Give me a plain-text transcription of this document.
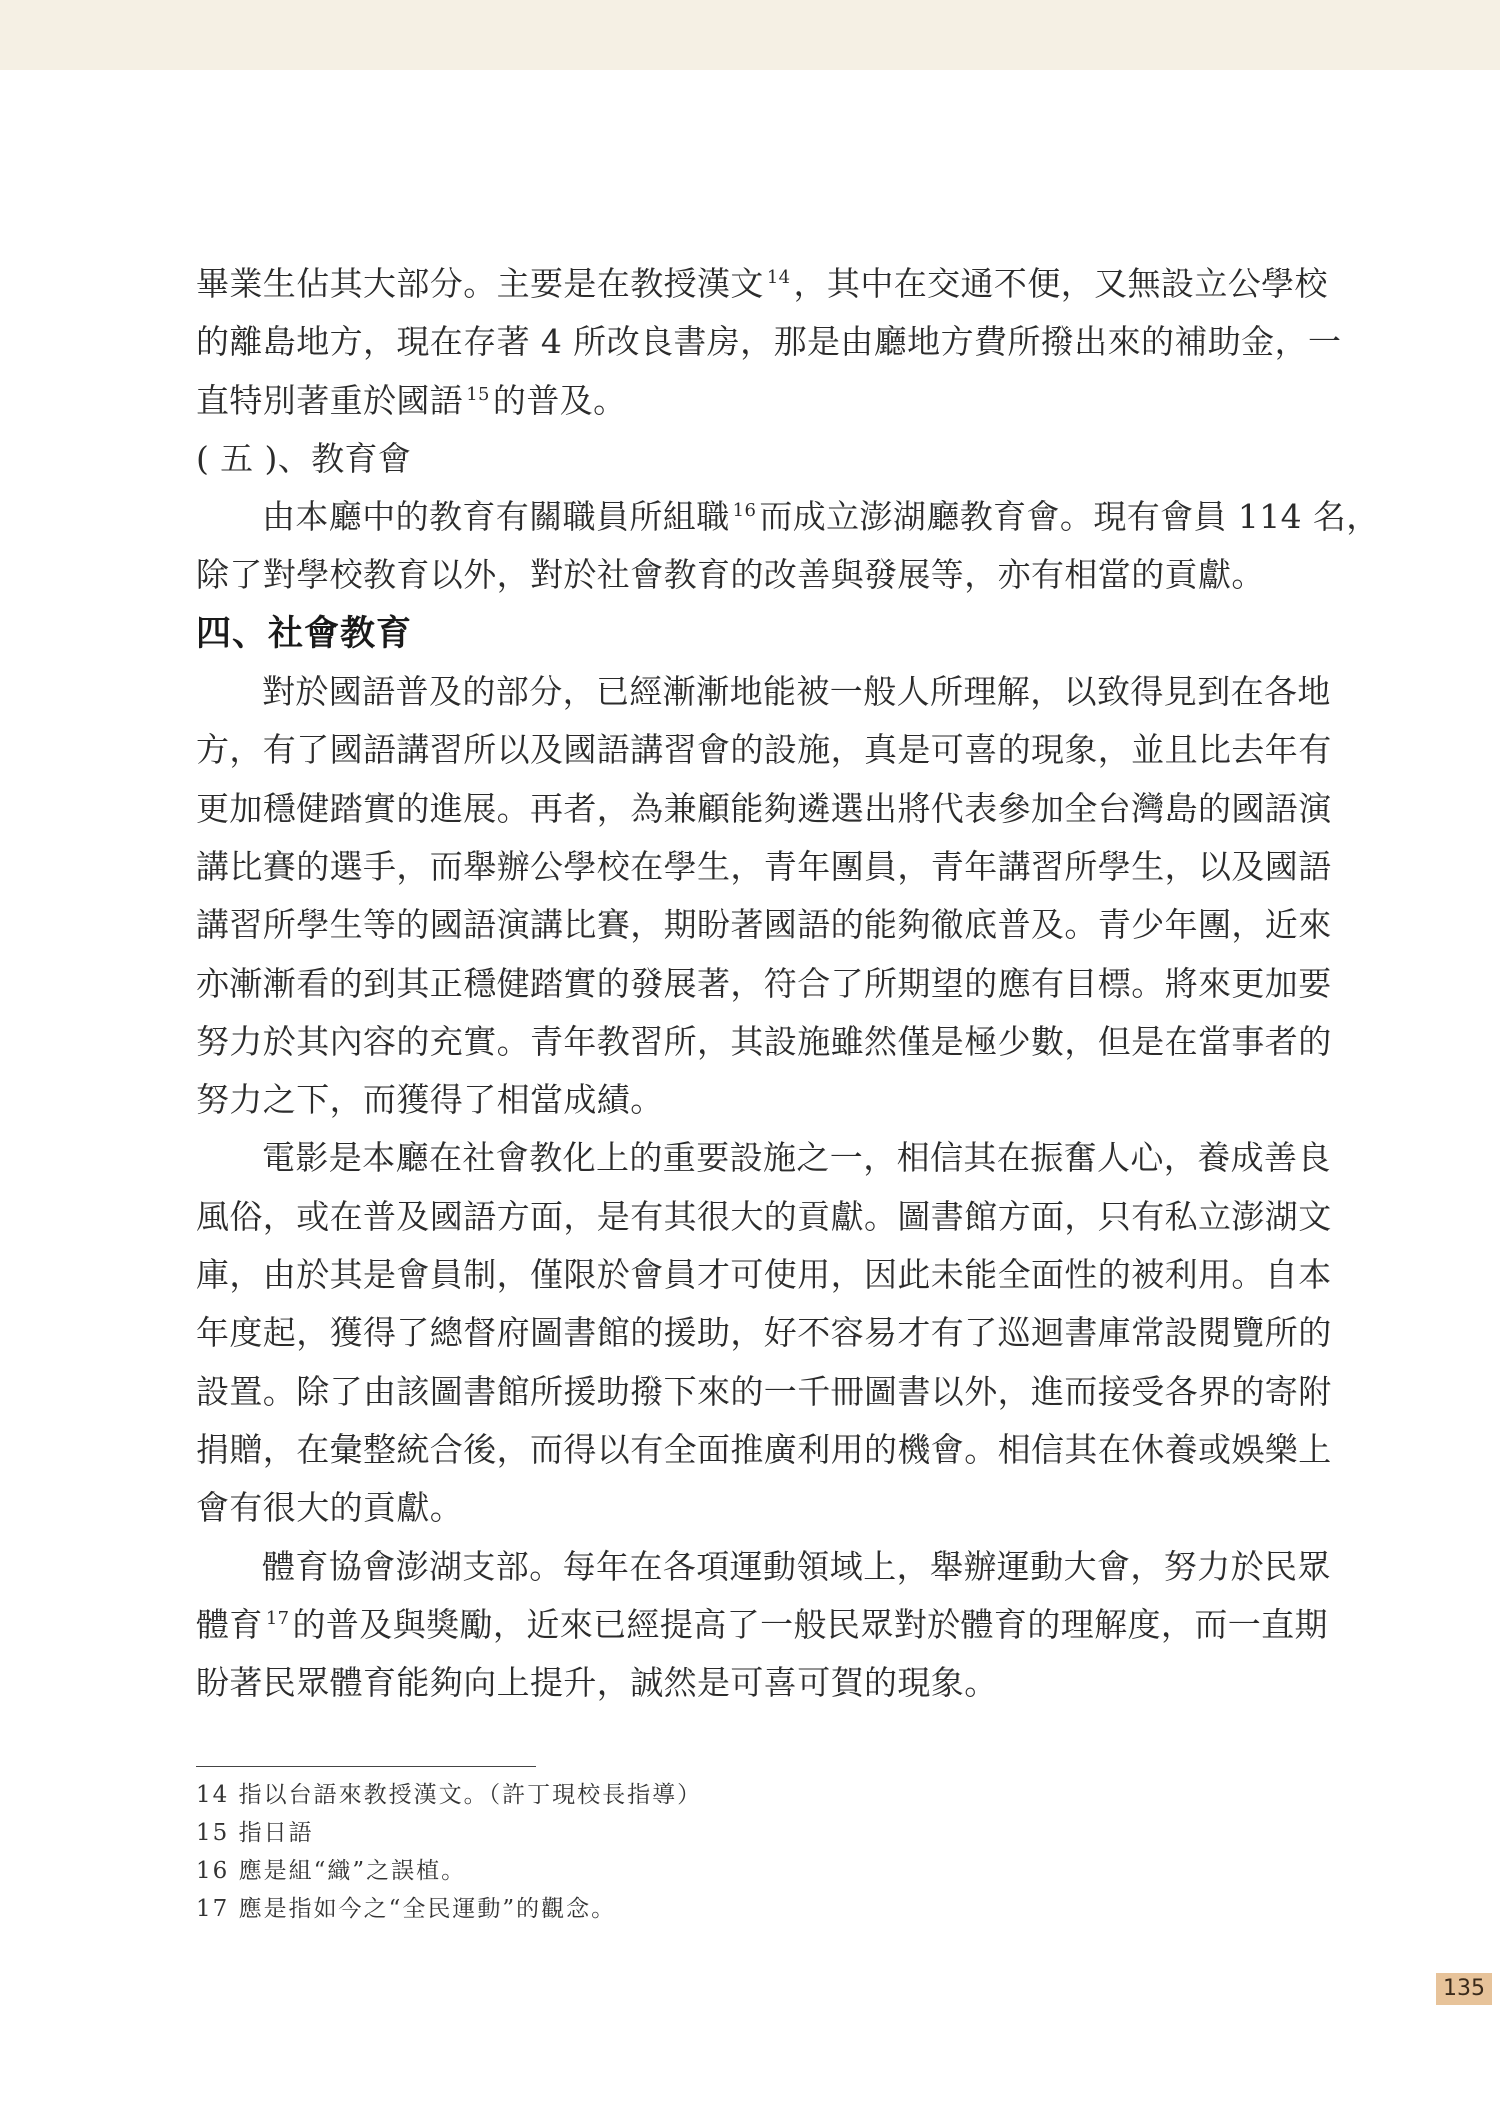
畢業生佔其大部分。主要是在教授漢文 $^{14}$，其中在交通不便，又無設立公學校
的離島地方，現在存著 4 所改良書房，那是由廳地方費所撥出來的補助金，一
直特別著重於國語 $^{15}$的普及。
( 五 )、教育會
由本廳中的教育有關職員所組職 $^{16}$而成立澎湖廳教育會。現有會員 114 名，
除了對學校教育以外，對於社會教育的改善與發展等，亦有相當的貢獻。
四、社會教育
對於國語普及的部分，已經漸漸地能被一般人所理解，以致得見到在各地
方，有了國語講習所以及國語講習會的設施，真是可喜的現象，並且比去年有
更加穩健踏實的進展。再者，為兼顧能夠遴選出將代表參加全台灣島的國語演
講比賽的選手，而舉辦公學校在學生，青年團員，青年講習所學生，以及國語
講習所學生等的國語演講比賽，期盼著國語的能夠徹底普及。青少年團，近來
亦漸漸看的到其正穩健踏實的發展著，符合了所期望的應有目標。將來更加要
努力於其內容的充實。青年教習所，其設施雖然僅是極少數，但是在當事者的
努力之下，而獲得了相當成績。
電影是本廳在社會教化上的重要設施之一，相信其在振奮人心，養成善良
風俗，或在普及國語方面，是有其很大的貢獻。圖書館方面，只有私立澎湖文
庫，由於其是會員制，僅限於會員才可使用，因此未能全面性的被利用。自本
年度起，獲得了總督府圖書館的援助，好不容易才有了巡迴書庫常設閱覽所的
設置。除了由該圖書館所援助撥下來的一千冊圖書以外，進而接受各界的寄附
捐贈，在彙整統合後，而得以有全面推廣利用的機會。相信其在休養或娛樂上
會有很大的貢獻。
體育協會澎湖支部。每年在各項運動領域上，舉辦運動大會，努力於民眾
體育 $^{17}$的普及與獎勵，近來已經提高了一般民眾對於體育的理解度，而一直期
盼著民眾體育能夠向上提升，誠然是可喜可賀的現象。
14 指以台語來教授漢文。（許丁現校長指導）
15 指日語
16 應是組“織”之誤植。
17 應是指如今之“全民運動”的觀念。
135
